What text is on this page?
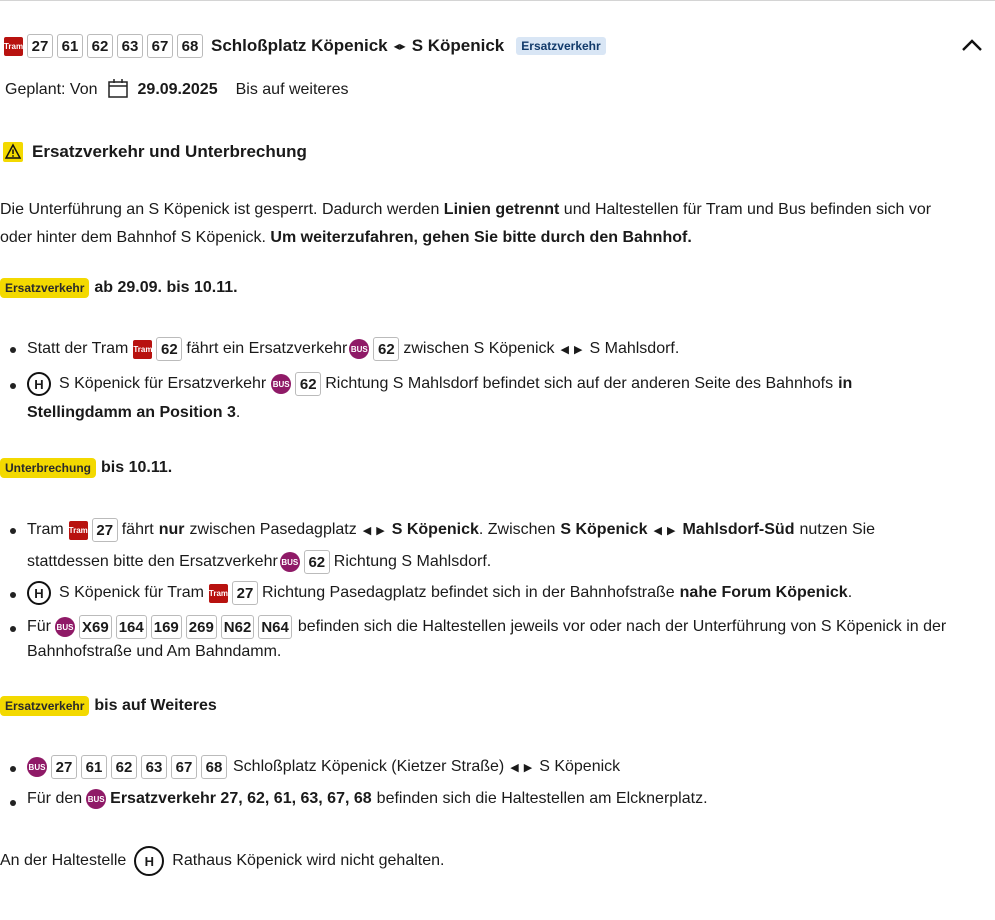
Tram 27 61 62 63 67 68 Schloßplatz Köpenick ◂▸ S Köpenick	Ersatzverkehr
Geplant: Von	29.09.2025 Bis auf weiteres
Ersatzverkehr und Unterbrechung
Die Unterführung an S Köpenick ist gesperrt. Dadurch werden Linien getrennt und Haltestellen für Tram und Bus befinden sich vor
oder hinter dem Bahnhof S Köpenick. Um weiterzufahren, gehen Sie bitte durch den Bahnhof.
Ersatzverkehr ab 29.09. bis 10.11.
Statt der Tram Tram 62 fährt ein Ersatzverkehr BUS 62 zwischen S Köpenick ◀ ▶ S Mahlsdorf.
H S Köpenick für Ersatzverkehr BUS 62 Richtung S Mahlsdorf befindet sich auf der anderen Seite des Bahnhofs in
Stellingdamm an Position 3 .
Unterbrechung bis 10.11.
Tram Tram 27 fährt nur zwischen Pasedagplatz ◀ ▶ S Köpenick . Zwischen S Köpenick ◀ ▶ Mahlsdorf-Süd nutzen Sie
stattdessen bitte den Ersatzverkehr BUS 62 Richtung S Mahlsdorf.
H S Köpenick für Tram Tram 27 Richtung Pasedagplatz befindet sich in der Bahnhofstraße nahe Forum Köpenick .
Für BUS X69 164 169 269 N62 N64 befinden sich die Haltestellen jeweils vor oder nach der Unterführung von S Köpenick in der
Bahnhofstraße und Am Bahndamm.
Ersatzverkehr bis auf Weiteres
BUS 27 61 62 63 67 68 Schloßplatz Köpenick (Kietzer Straße) ◀ ▶ S Köpenick
Für den BUS Ersatzverkehr 27, 62, 61, 63, 67, 68 befinden sich die Haltestellen am Elcknerplatz.
An der Haltestelle	H	Rathaus Köpenick wird nicht gehalten.
